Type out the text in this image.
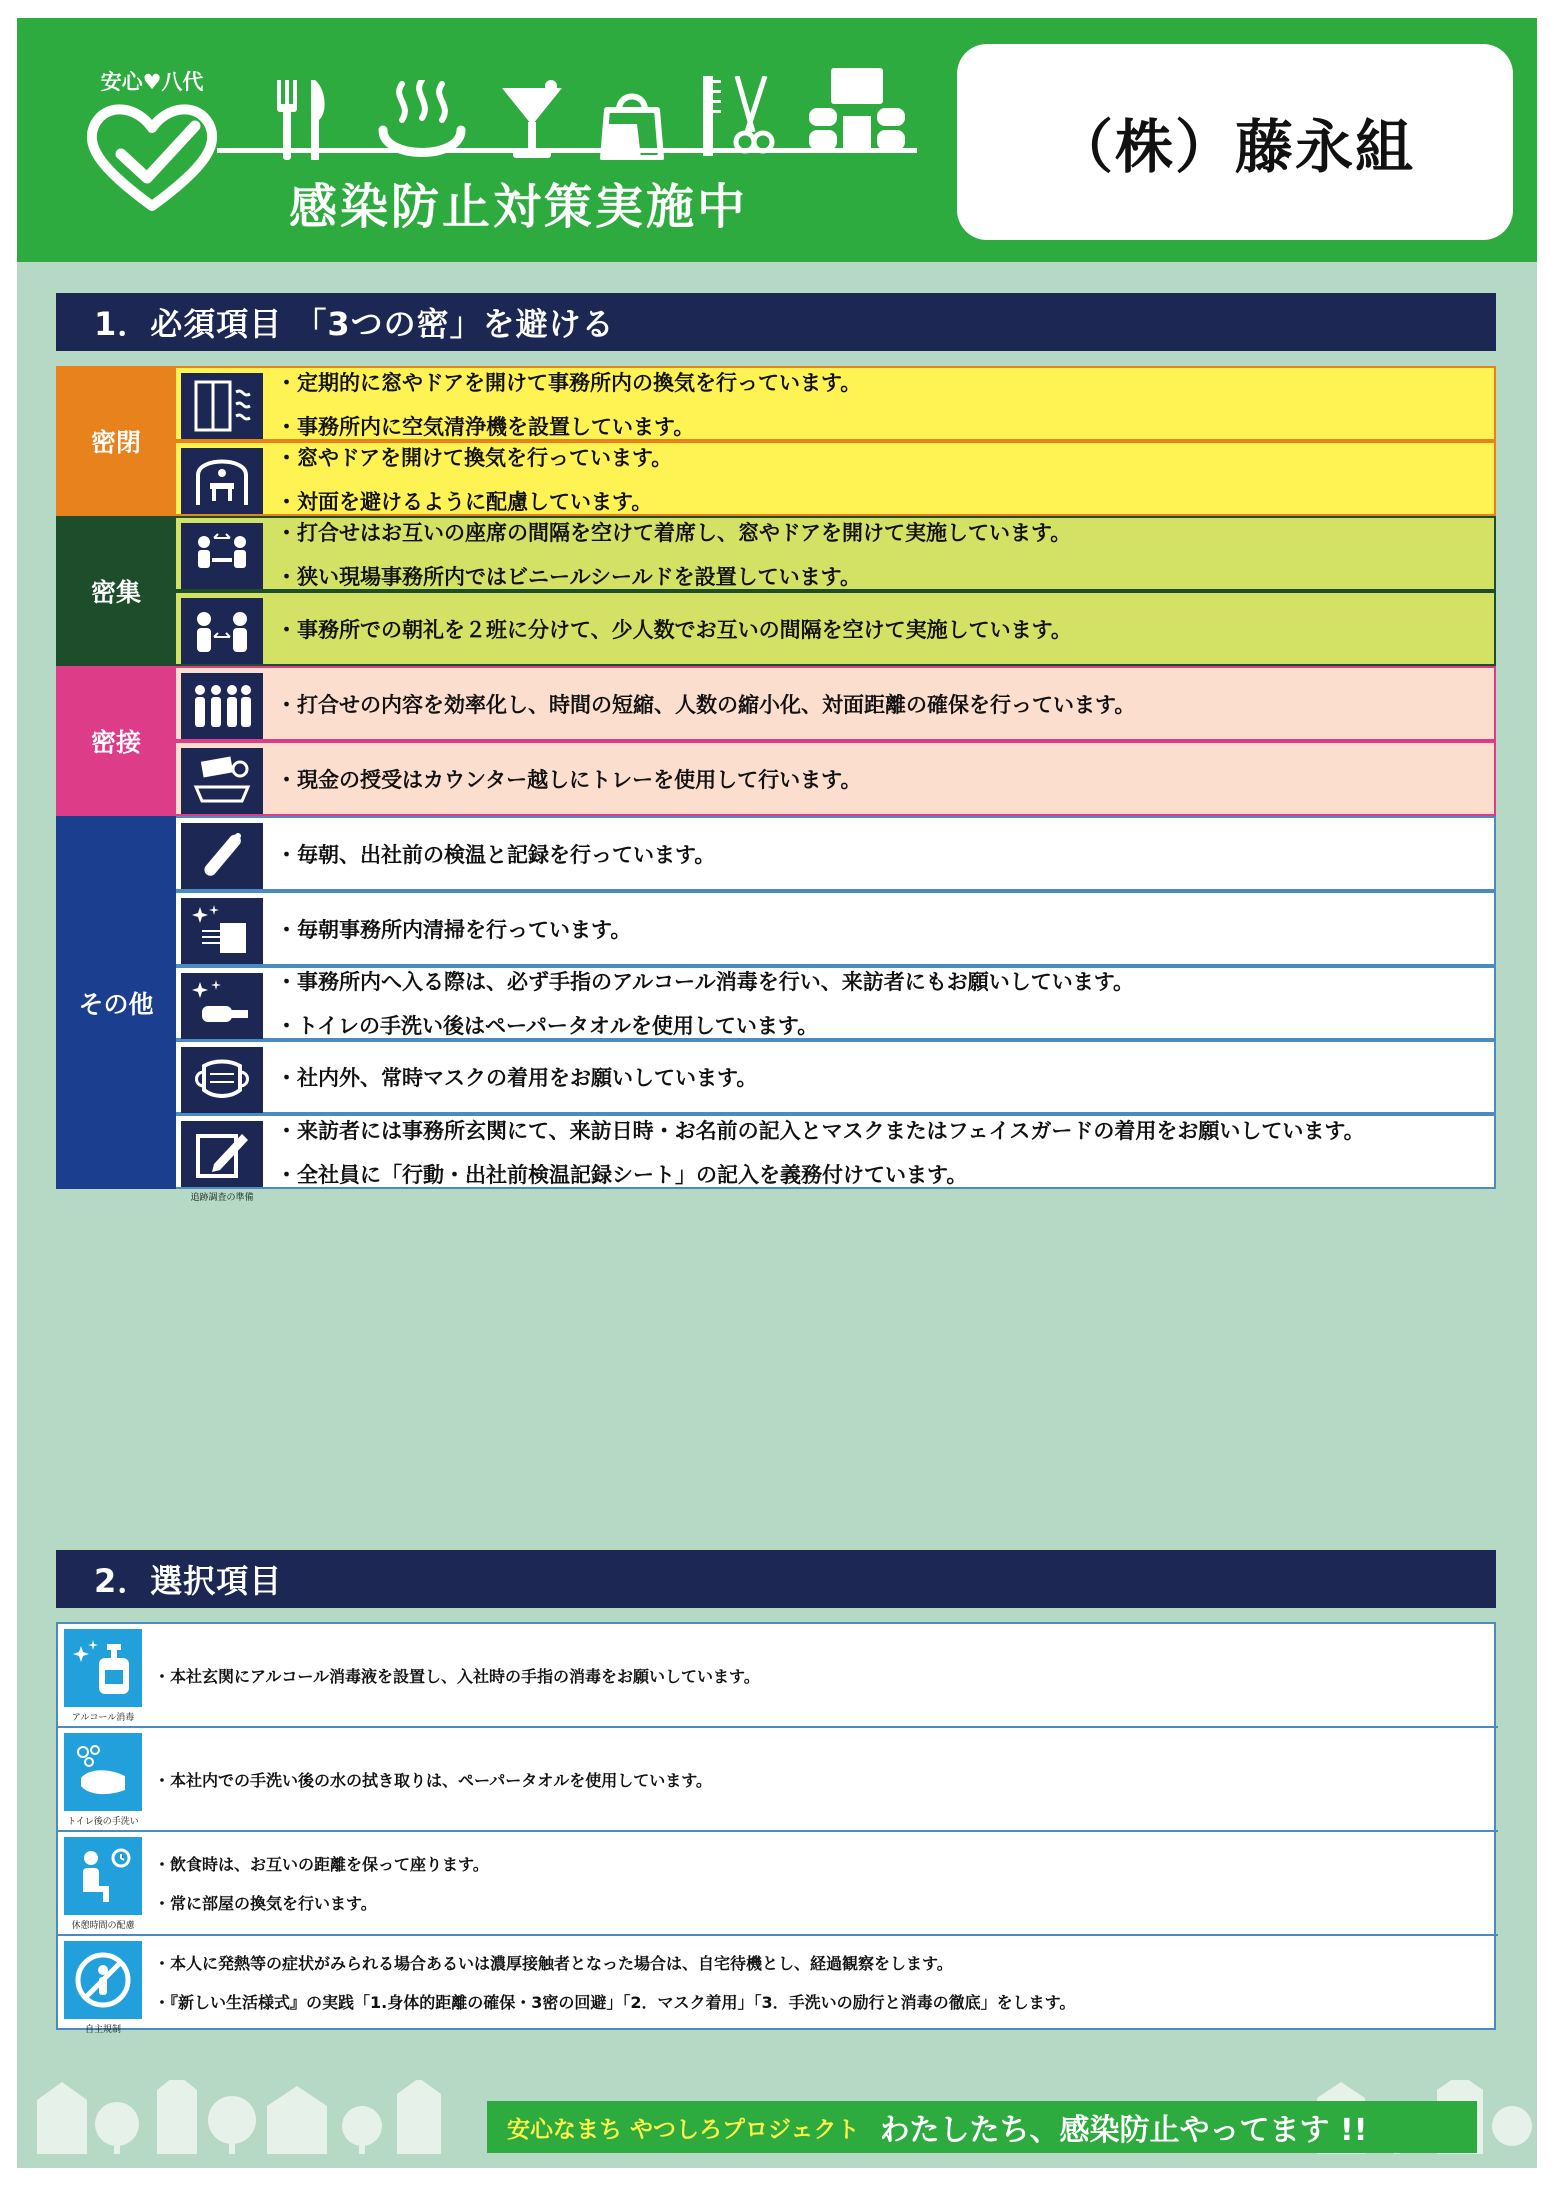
安心♥八代
感染防止対策実施中
（株）藤永組
1．必須項目 「3つの密」を避ける
密閉
・定期的に窓やドアを開けて事務所内の換気を行っています。
・事務所内に空気清浄機を設置しています。
・窓やドアを開けて換気を行っています。
・対面を避けるように配慮しています。
密集
・打合せはお互いの座席の間隔を空けて着席し、窓やドアを開けて実施しています。
・狭い現場事務所内ではビニールシールドを設置しています。
・事務所での朝礼を２班に分けて、少人数でお互いの間隔を空けて実施しています。
密接
・打合せの内容を効率化し、時間の短縮、人数の縮小化、対面距離の確保を行っています。
・現金の授受はカウンター越しにトレーを使用して行います。
その他
・毎朝、出社前の検温と記録を行っています。
・毎朝事務所内清掃を行っています。
・事務所内へ入る際は、必ず手指のアルコール消毒を行い、来訪者にもお願いしています。
・トイレの手洗い後はペーパータオルを使用しています。
・社内外、常時マスクの着用をお願いしています。
追跡調査の準備
・来訪者には事務所玄関にて、来訪日時・お名前の記入とマスクまたはフェイスガードの着用をお願いしています。
・全社員に「行動・出社前検温記録シート」の記入を義務付けています。
2．選択項目
アルコール消毒
・本社玄関にアルコール消毒液を設置し、入社時の手指の消毒をお願いしています。
トイレ後の手洗い
・本社内での手洗い後の水の拭き取りは、ペーパータオルを使用しています。
休憩時間の配慮
・飲食時は、お互いの距離を保って座ります。
・常に部屋の換気を行います。
自主規制
・本人に発熱等の症状がみられる場合あるいは濃厚接触者となった場合は、自宅待機とし、経過観察をします。
・『新しい生活様式』の実践「1.身体的距離の確保・3密の回避」「2．マスク着用」「3．手洗いの励行と消毒の徹底」をします。
安心なまち やつしろプロジェクト わたしたち、感染防止やってます !!
